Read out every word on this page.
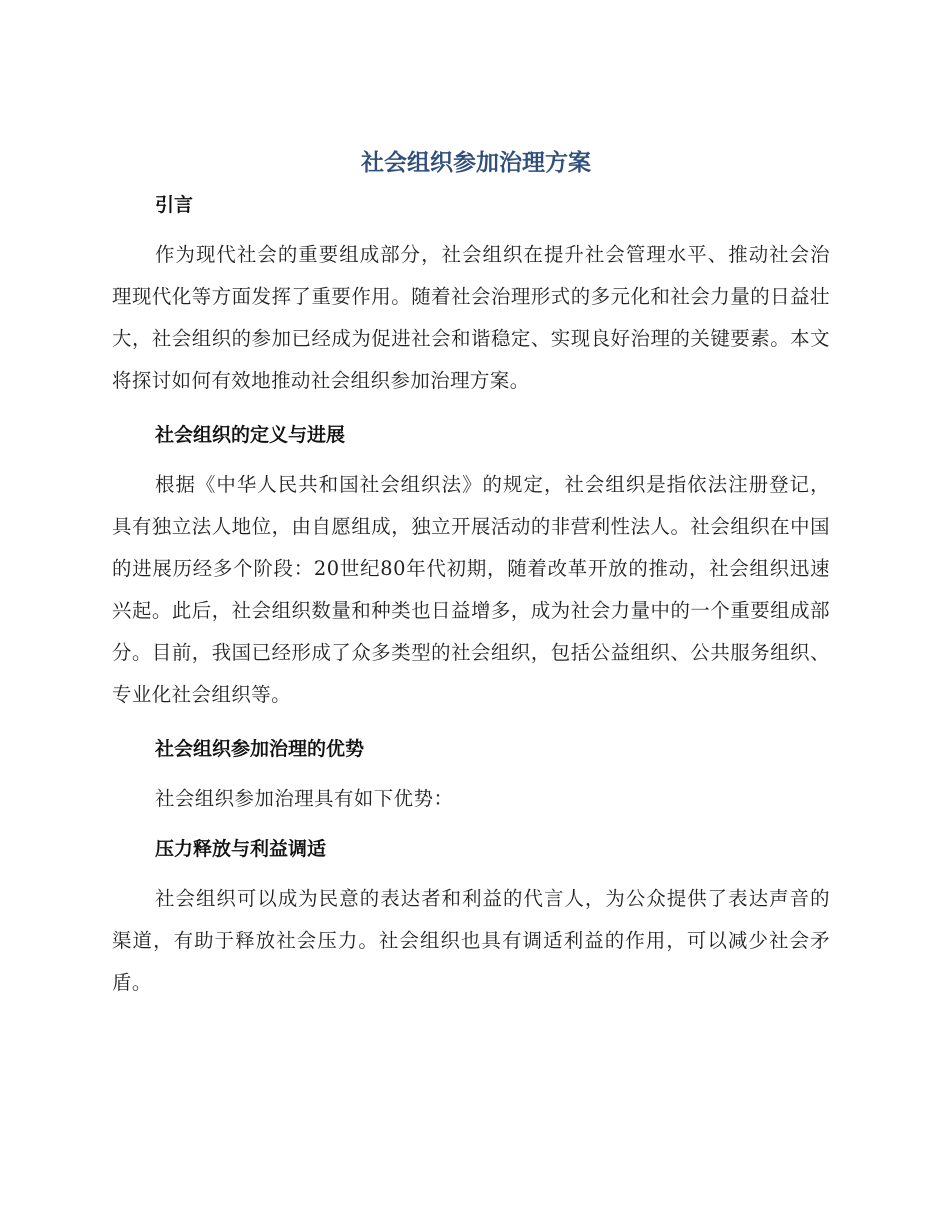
社会组织参加治理方案
引言

作为现代社会的重要组成部分，社会组织在提升社会管理水平、推动社会治理现代化等方面发挥了重要作用。随着社会治理形式的多元化和社会力量的日益壮大，社会组织的参加已经成为促进社会和谐稳定、实现良好治理的关键要素。本文将探讨如何有效地推动社会组织参加治理方案。

社会组织的定义与进展

根据《中华人民共和国社会组织法》的规定，社会组织是指依法注册登记，具有独立法人地位，由自愿组成，独立开展活动的非营利性法人。社会组织在中国的进展历经多个阶段：20世纪80年代初期，随着改革开放的推动，社会组织迅速兴起。此后，社会组织数量和种类也日益增多，成为社会力量中的一个重要组成部分。目前，我国已经形成了众多类型的社会组织，包括公益组织、公共服务组织、专业化社会组织等。

社会组织参加治理的优势

社会组织参加治理具有如下优势：

压力释放与利益调适

社会组织可以成为民意的表达者和利益的代言人，为公众提供了表达声音的渠道，有助于释放社会压力。社会组织也具有调适利益的作用，可以减少社会矛盾。
